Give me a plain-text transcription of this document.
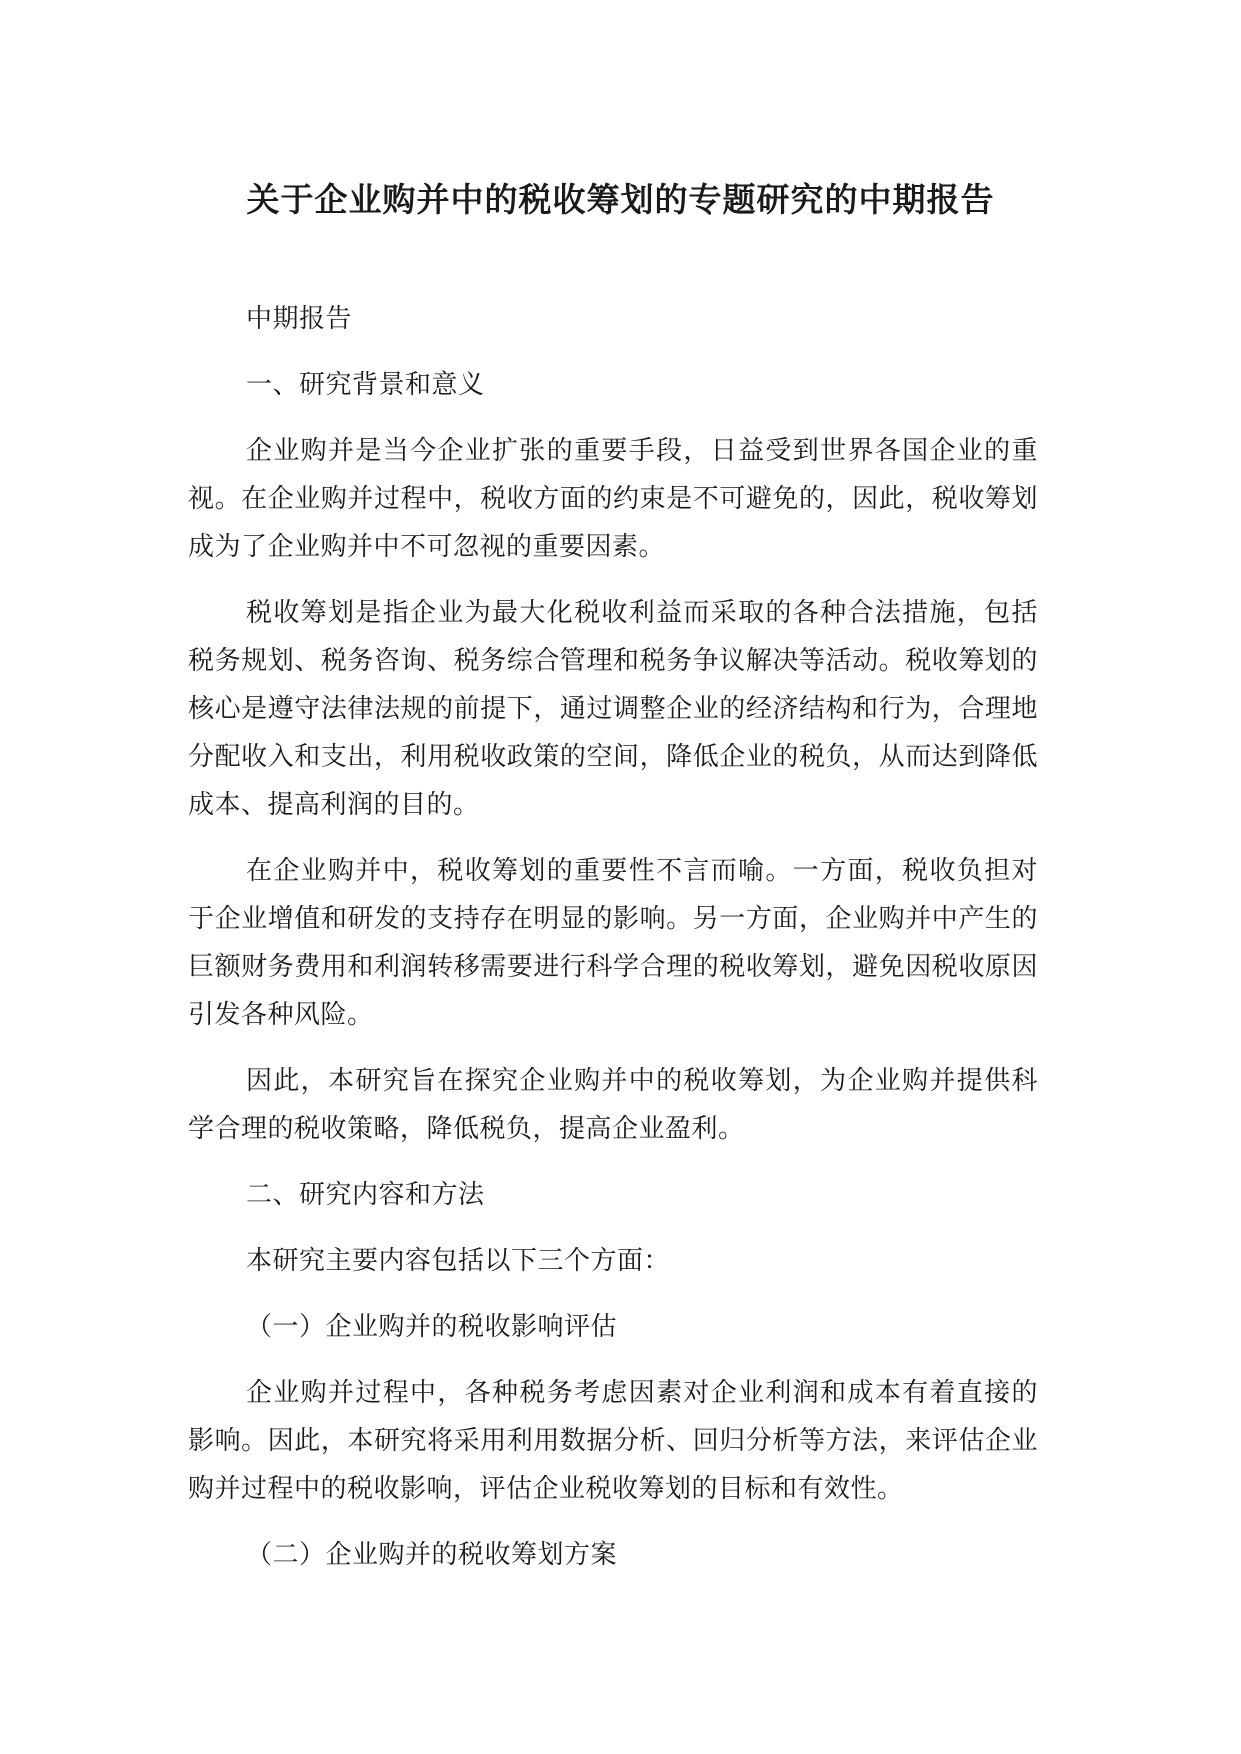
关于企业购并中的税收筹划的专题研究的中期报告

中期报告

一、研究背景和意义

企业购并是当今企业扩张的重要手段，日益受到世界各国企业的重视。在企业购并过程中，税收方面的约束是不可避免的，因此，税收筹划成为了企业购并中不可忽视的重要因素。

税收筹划是指企业为最大化税收利益而采取的各种合法措施，包括税务规划、税务咨询、税务综合管理和税务争议解决等活动。税收筹划的核心是遵守法律法规的前提下，通过调整企业的经济结构和行为，合理地分配收入和支出，利用税收政策的空间，降低企业的税负，从而达到降低成本、提高利润的目的。

在企业购并中，税收筹划的重要性不言而喻。一方面，税收负担对于企业增值和研发的支持存在明显的影响。另一方面，企业购并中产生的巨额财务费用和利润转移需要进行科学合理的税收筹划，避免因税收原因引发各种风险。

因此，本研究旨在探究企业购并中的税收筹划，为企业购并提供科学合理的税收策略，降低税负，提高企业盈利。

二、研究内容和方法

本研究主要内容包括以下三个方面：

（一）企业购并的税收影响评估

企业购并过程中，各种税务考虑因素对企业利润和成本有着直接的影响。因此，本研究将采用利用数据分析、回归分析等方法，来评估企业购并过程中的税收影响，评估企业税收筹划的目标和有效性。

（二）企业购并的税收筹划方案
